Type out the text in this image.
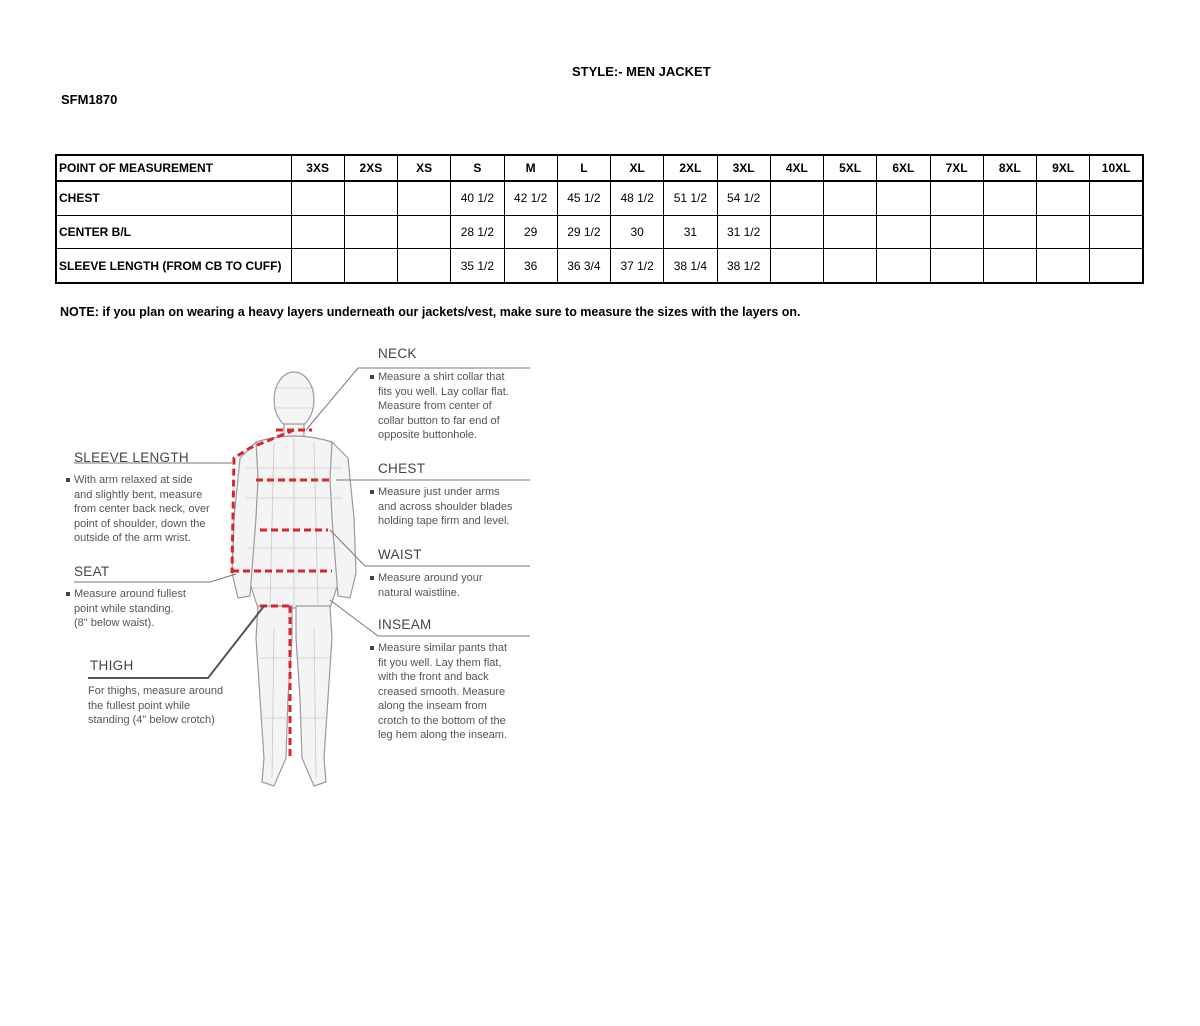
STYLE:- MEN JACKET
SFM1870
POINT OF MEASUREMENT	3XS	2XS	XS	S	M	L	XL	2XL	3XL	4XL	5XL	6XL	7XL	8XL	9XL	10XL
CHEST				40 1/2	42 1/2	45 1/2	48 1/2	51 1/2	54 1/2							
CENTER B/L				28 1/2	29	29 1/2	30	31	31 1/2							
SLEEVE LENGTH (FROM CB TO CUFF)				35 1/2	36	36 3/4	37 1/2	38 1/4	38 1/2							
NOTE: if you plan on wearing a heavy layers underneath our jackets/vest, make sure to measure the sizes with the layers on.
NECK
Measure a shirt collar that
fits you well. Lay collar flat.
Measure from center of
collar button to far end of
opposite buttonhole.
CHEST
Measure just under arms
and across shoulder blades
holding tape firm and level.
WAIST
Measure around your
natural waistline.
INSEAM
Measure similar pants that
fit you well. Lay them flat,
with the front and back
creased smooth. Measure
along the inseam from
crotch to the bottom of the
leg hem along the inseam.
SLEEVE LENGTH
With arm relaxed at side
and slightly bent, measure
from center back neck, over
point of shoulder, down the
outside of the arm wrist.
SEAT
Measure around fullest
point while standing.
(8" below waist).
THIGH
For thighs, measure around
the fullest point while
standing (4" below crotch)
